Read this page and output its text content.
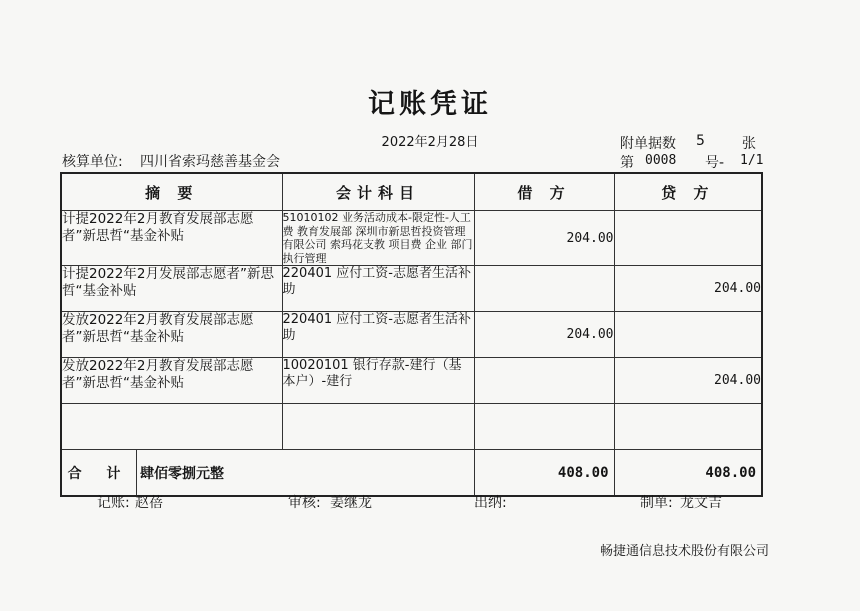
记账凭证
2022年2月28日	附单据数 5	张
核算单位: 四川省索玛慈善基金会	第 0008 号- 1/1
摘 要	会计科目	借 方	贷 方
计提2022年2月教育发展部志愿者”新思哲“基金补贴	51010102 业务活动成本-限定性-人工费 教育发展部 深圳市新思哲投资管理有限公司 索玛花支教 项目费 企业 部门执行管理	204.00	
计提2022年2月发展部志愿者”新思哲“基金补贴	220401 应付工资-志愿者生活补助		204.00
发放2022年2月教育发展部志愿者”新思哲“基金补贴	220401 应付工资-志愿者生活补助	204.00	
发放2022年2月教育发展部志愿者”新思哲“基金补贴	10020101 银行存款-建行（基本户）-建行		204.00

合 计 肆佰零捌元整		408.00	408.00
记账: 赵蓓	审核: 姜继龙	出纳:	制单: 龙文吉
畅捷通信息技术股份有限公司
